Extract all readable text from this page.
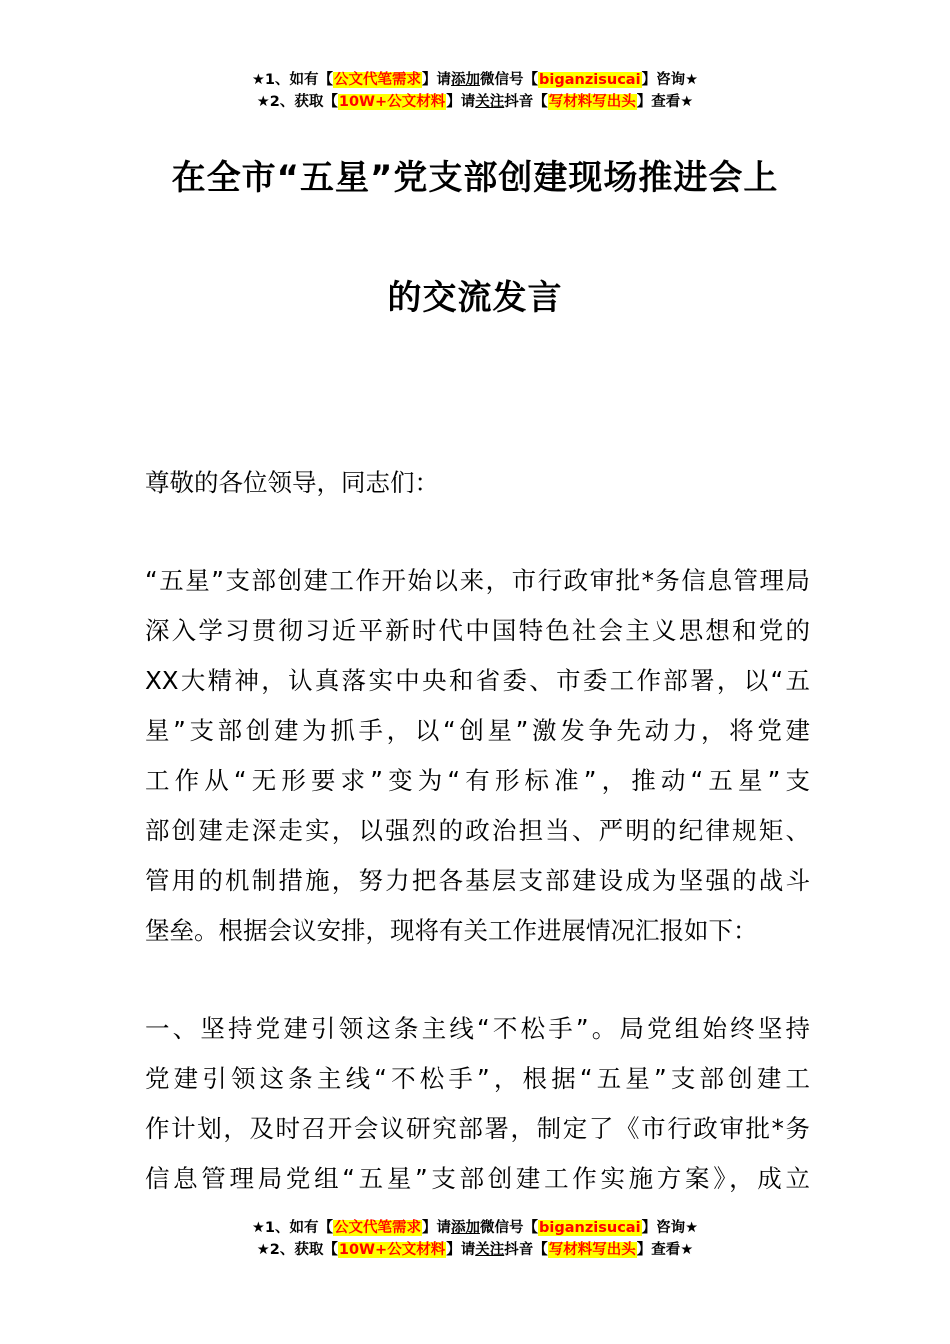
★1、如有【公文代笔需求】请添加微信号【biganzisucai】咨询★
★2、获取【10W+公文材料】请关注抖音【写材料写出头】查看★
在全市“五星”党支部创建现场推进会上
的交流发言
尊敬的各位领导，同志们：
“五星”支部创建工作开始以来，市行政审批*务信息管理局
深入学习贯彻习近平新时代中国特色社会主义思想和党的
XX大精神，认真落实中央和省委、市委工作部署，以“五
星”支部创建为抓手，以“创星”激发争先动力，将党建
工作从“无形要求”变为“有形标准”，推动“五星”支
部创建走深走实，以强烈的政治担当、严明的纪律规矩、
管用的机制措施，努力把各基层支部建设成为坚强的战斗
堡垒。根据会议安排，现将有关工作进展情况汇报如下：
一、坚持党建引领这条主线“不松手”。局党组始终坚持
党建引领这条主线“不松手”，根据“五星”支部创建工
作计划，及时召开会议研究部署，制定了《市行政审批*务
信息管理局党组“五星”支部创建工作实施方案》，成立
★1、如有【公文代笔需求】请添加微信号【biganzisucai】咨询★
★2、获取【10W+公文材料】请关注抖音【写材料写出头】查看★
